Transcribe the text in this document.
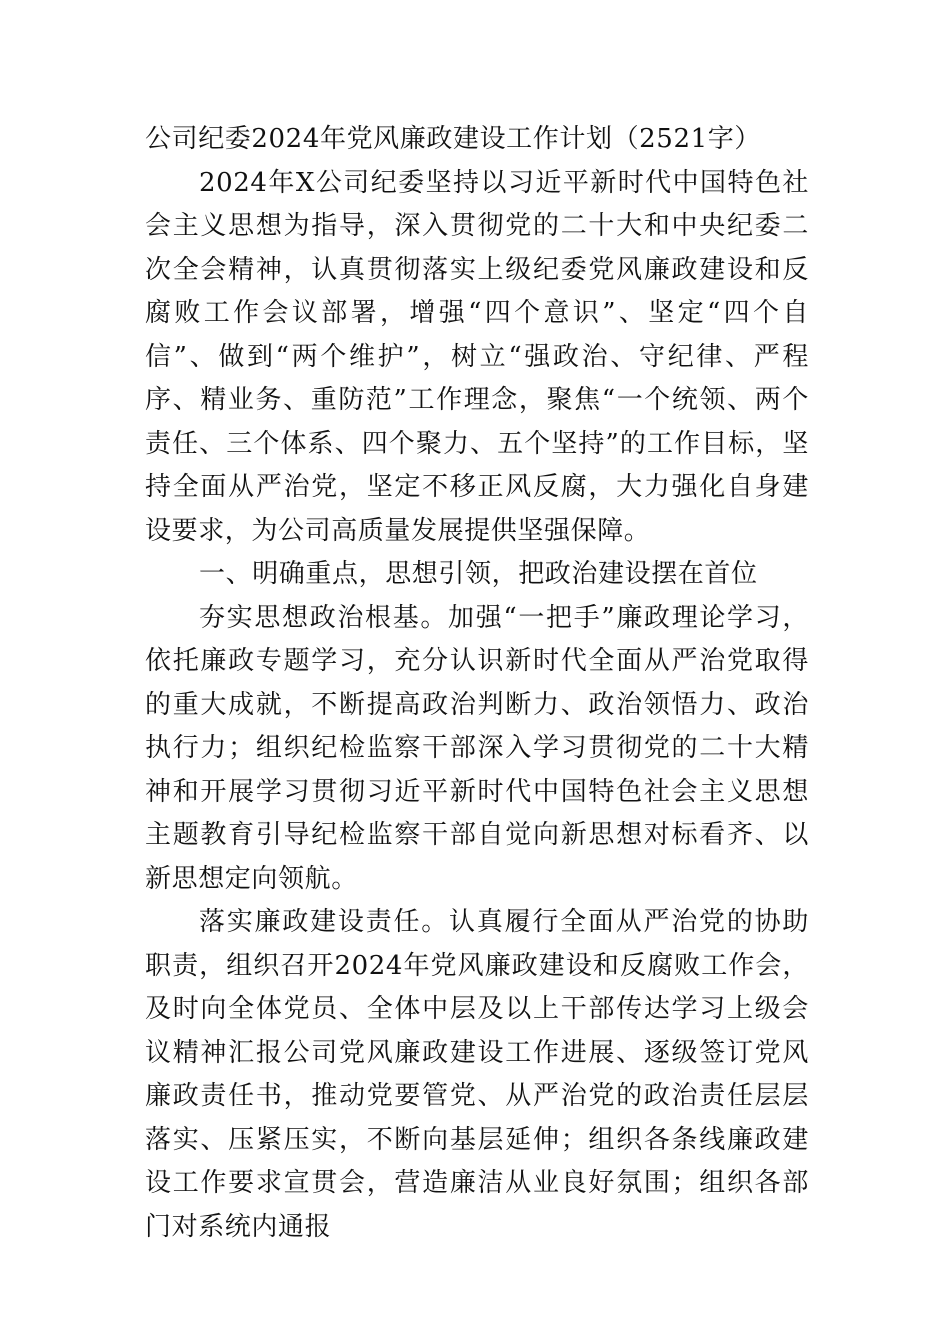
公司纪委2024年党风廉政建设工作计划（2521字）

2024年X公司纪委坚持以习近平新时代中国特色社会主义思想为指导，深入贯彻党的二十大和中央纪委二次全会精神，认真贯彻落实上级纪委党风廉政建设和反腐败工作会议部署，增强“四个意识”、坚定“四个自信”、做到“两个维护”，树立“强政治、守纪律、严程序、精业务、重防范”工作理念，聚焦“一个统领、两个责任、三个体系、四个聚力、五个坚持”的工作目标，坚持全面从严治党，坚定不移正风反腐，大力强化自身建设要求，为公司高质量发展提供坚强保障。

一、明确重点，思想引领，把政治建设摆在首位

夯实思想政治根基。加强“一把手”廉政理论学习，依托廉政专题学习，充分认识新时代全面从严治党取得的重大成就，不断提高政治判断力、政治领悟力、政治执行力；组织纪检监察干部深入学习贯彻党的二十大精神和开展学习贯彻习近平新时代中国特色社会主义思想主题教育引导纪检监察干部自觉向新思想对标看齐、以新思想定向领航。

落实廉政建设责任。认真履行全面从严治党的协助职责，组织召开2024年党风廉政建设和反腐败工作会，及时向全体党员、全体中层及以上干部传达学习上级会议精神汇报公司党风廉政建设工作进展、逐级签订党风廉政责任书，推动党要管党、从严治党的政治责任层层落实、压紧压实，不断向基层延伸；组织各条线廉政建设工作要求宣贯会，营造廉洁从业良好氛围；组织各部门对系统内通报
